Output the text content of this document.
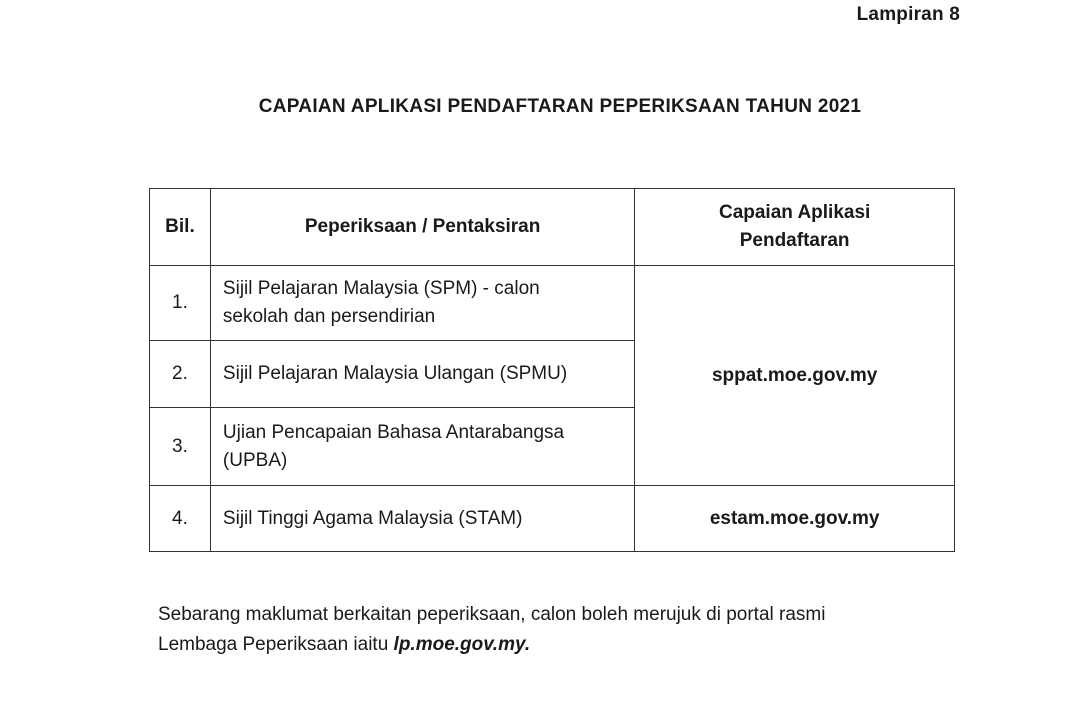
Lampiran 8
CAPAIAN APLIKASI PENDAFTARAN PEPERIKSAAN TAHUN 2021
Bil.	Peperiksaan / Pentaksiran	Capaian Aplikasi
Pendaftaran
1.	Sijil Pelajaran Malaysia (SPM) - calon
sekolah dan persendirian	sppat.moe.gov.my
2.	Sijil Pelajaran Malaysia Ulangan (SPMU)	
3.	Ujian Pencapaian Bahasa Antarabangsa
(UPBA)	
4.	Sijil Tinggi Agama Malaysia (STAM)	estam.moe.gov.my
Sebarang maklumat berkaitan peperiksaan, calon boleh merujuk di portal rasmi
Lembaga Peperiksaan iaitu lp.moe.gov.my.
